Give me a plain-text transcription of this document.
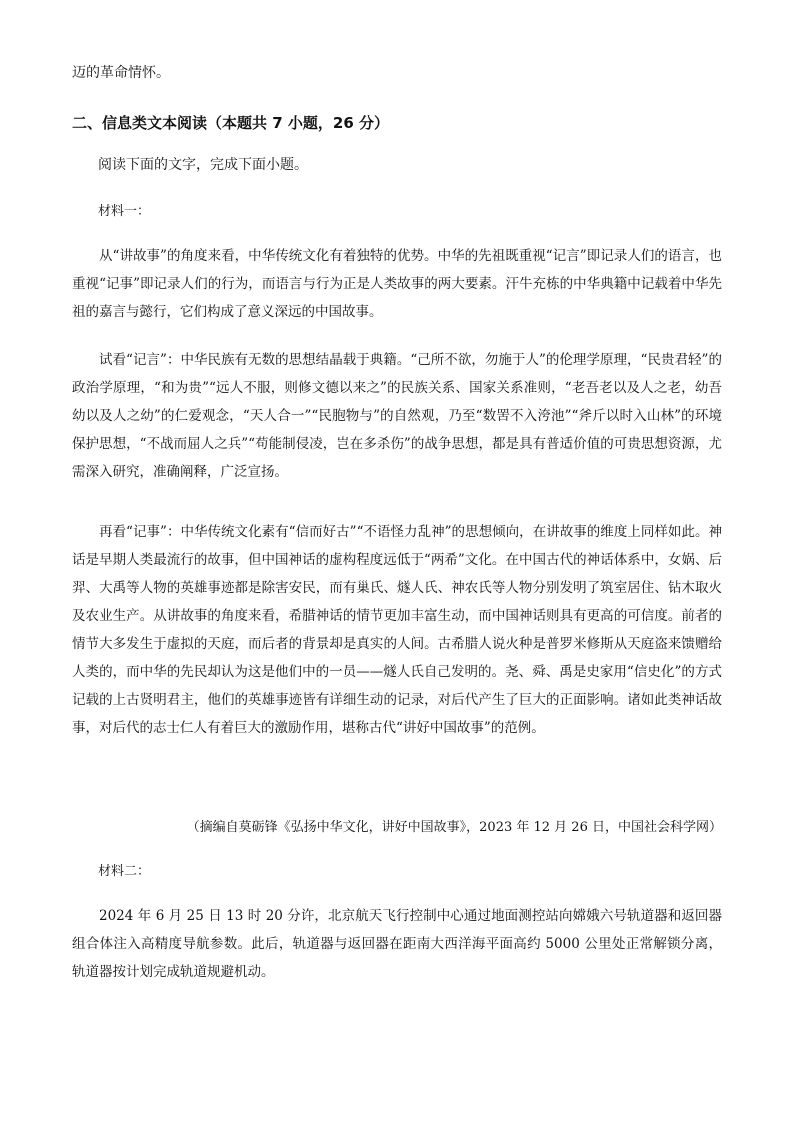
迈的革命情怀。

二、信息类文本阅读（本题共 7 小题，26 分）

阅读下面的文字，完成下面小题。

材料一：

从“讲故事”的角度来看，中华传统文化有着独特的优势。中华的先祖既重视“记言”即记录人们的语言，也重视“记事”即记录人们的行为，而语言与行为正是人类故事的两大要素。汗牛充栋的中华典籍中记载着中华先祖的嘉言与懿行，它们构成了意义深远的中国故事。

试看“记言”：中华民族有无数的思想结晶载于典籍。“己所不欲，勿施于人”的伦理学原理，“民贵君轻”的政治学原理，“和为贵”“远人不服，则修文德以来之”的民族关系、国家关系准则，“老吾老以及人之老，幼吾幼以及人之幼”的仁爱观念，“天人合一”“民胞物与”的自然观，乃至“数罟不入洿池”“斧斤以时入山林”的环境保护思想，“不战而屈人之兵”“苟能制侵凌，岂在多杀伤”的战争思想，都是具有普适价值的可贵思想资源，尤需深入研究，准确阐释，广泛宣扬。

再看“记事”：中华传统文化素有“信而好古”“不语怪力乱神”的思想倾向，在讲故事的维度上同样如此。神话是早期人类最流行的故事，但中国神话的虚构程度远低于“两希”文化。在中国古代的神话体系中，女娲、后羿、大禹等人物的英雄事迹都是除害安民，而有巢氏、燧人氏、神农氏等人物分别发明了筑室居住、钻木取火及农业生产。从讲故事的角度来看，希腊神话的情节更加丰富生动，而中国神话则具有更高的可信度。前者的情节大多发生于虚拟的天庭，而后者的背景却是真实的人间。古希腊人说火种是普罗米修斯从天庭盗来馈赠给人类的，而中华的先民却认为这是他们中的一员——燧人氏自己发明的。尧、舜、禹是史家用“信史化”的方式记载的上古贤明君主，他们的英雄事迹皆有详细生动的记录，对后代产生了巨大的正面影响。诸如此类神话故事，对后代的志士仁人有着巨大的激励作用，堪称古代“讲好中国故事”的范例。

（摘编自莫砺锋《弘扬中华文化，讲好中国故事》，2023 年 12 月 26 日，中国社会科学网）

材料二：

2024 年 6 月 25 日 13 时 20 分许，北京航天飞行控制中心通过地面测控站向嫦娥六号轨道器和返回器组合体注入高精度导航参数。此后，轨道器与返回器在距南大西洋海平面高约 5000 公里处正常解锁分离，轨道器按计划完成轨道规避机动。
